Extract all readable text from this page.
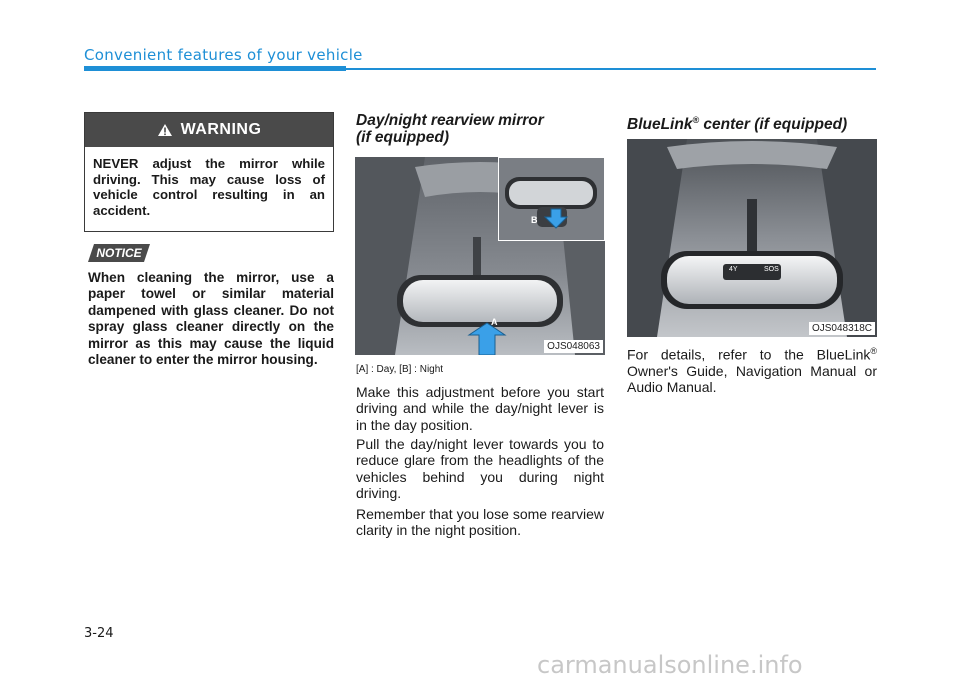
Convenient features of your vehicle
WARNING
NEVER adjust the mirror while driving. This may cause loss of vehicle control resulting in an accident.
NOTICE
When cleaning the mirror, use a paper towel or similar material dampened with glass cleaner. Do not spray glass cleaner directly on the mirror as this may cause the liquid cleaner to enter the mirror housing.
Day/night rearview mirror
(if equipped)
A
B
OJS048063
[A] : Day, [B] : Night
Make this adjustment before you start driving and while the day/night lever is in the day position.
Pull the day/night lever towards you to reduce glare from the headlights of the vehicles behind you during night driving.
Remember that you lose some rearview clarity in the night position.
BlueLink® center (if equipped)
4Y	SOS
OJS048318C
For details, refer to the BlueLink® Owner's Guide, Navigation Manual or Audio Manual.
3-24
carmanualsonline.info
